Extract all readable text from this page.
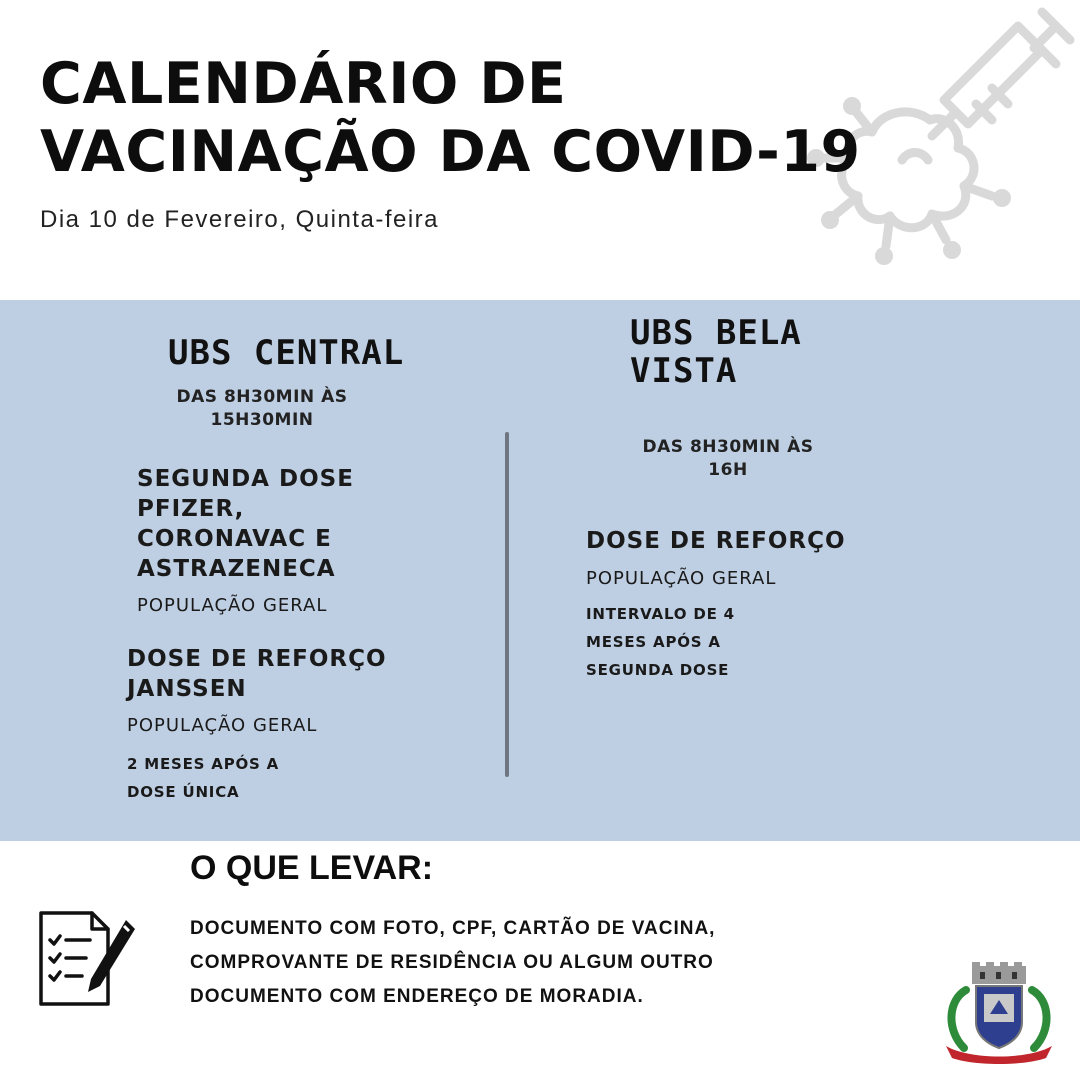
CALENDÁRIO DE
VACINAÇÃO DA COVID-19
Dia 10 de Fevereiro, Quinta-feira
UBS CENTRAL
DAS 8H30MIN ÀS
15H30MIN
SEGUNDA DOSE
PFIZER,
CORONAVAC E
ASTRAZENECA
POPULAÇÃO GERAL
DOSE DE REFORÇO
JANSSEN
POPULAÇÃO GERAL
2 MESES APÓS A
DOSE ÚNICA
UBS BELA
VISTA
DAS 8H30MIN ÀS
16H
DOSE DE REFORÇO
POPULAÇÃO GERAL
INTERVALO DE 4
MESES APÓS A
SEGUNDA DOSE
O QUE LEVAR:
DOCUMENTO COM FOTO, CPF, CARTÃO DE VACINA,
COMPROVANTE DE RESIDÊNCIA OU ALGUM OUTRO
DOCUMENTO COM ENDEREÇO DE MORADIA.
